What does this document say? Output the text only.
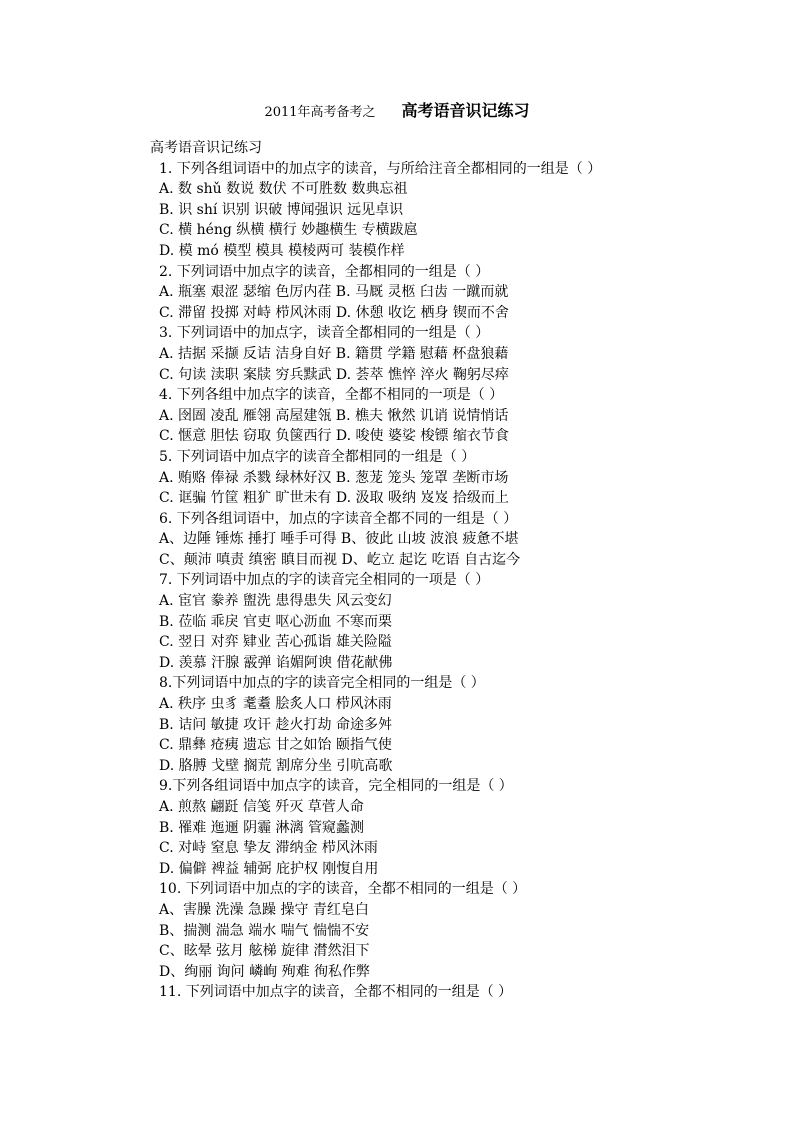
2011年高考备考之 高考语音识记练习
高考语音识记练习
1. 下列各组词语中的加点字的读音，与所给注音全都相同的一组是（ ）
A. 数 shǔ 数说 数伏 不可胜数 数典忘祖
B. 识 shí 识别 识破 博闻强识 远见卓识
C. 横 héng 纵横 横行 妙趣横生 专横跋扈
D. 模 mó 模型 模具 模棱两可 装模作样
2. 下列词语中加点字的读音，全都相同的一组是（ ）
A. 瓶塞 艰涩 瑟缩 色厉内荏 B. 马厩 灵柩 臼齿 一蹴而就
C. 滞留 投掷 对峙 栉风沐雨 D. 休憩 收讫 栖身 锲而不舍
3. 下列词语中的加点字，读音全都相同的一组是（ ）
A. 拮据 采撷 反诘 洁身自好 B. 籍贯 学籍 慰藉 杯盘狼藉
C. 句读 渎职 案牍 穷兵黩武 D. 荟萃 憔悴 淬火 鞠躬尽瘁
4. 下列各组中加点字的读音，全都不相同的一项是（ ）
A. 囹圄 凌乱 雁翎 高屋建瓴 B. 樵夫 愀然 讥诮 说情悄话
C. 惬意 胆怯 窃取 负箧西行 D. 唆使 婆娑 梭镖 缩衣节食
5. 下列词语中加点字的读音全都相同的一组是（ ）
A. 贿赂 俸禄 杀戮 绿林好汉 B. 葱茏 笼头 笼罩 垄断市场
C. 诓骗 竹筐 粗犷 旷世未有 D. 汲取 吸纳 岌岌 拾级而上
6. 下列各组词语中，加点的字读音全都不同的一组是（ ）
A、边陲 锤炼 捶打 唾手可得 B、彼此 山坡 波浪 疲惫不堪
C、颠沛 嗔责 缜密 瞋目而视 D、屹立 起讫 吃语 自古迄今
7. 下列词语中加点的字的读音完全相同的一项是（ ）
A. 宦官 豢养 盥洗 患得患失 风云变幻
B. 莅临 乖戾 官吏 呕心沥血 不寒而栗
C. 翌日 对弈 肄业 苦心孤诣 雄关险隘
D. 羡慕 汗腺 霰弹 谄媚阿谀 借花献佛
8.下列词语中加点的字的读音完全相同的一组是（ ）
A. 秩序 虫豸 耄耋 脍炙人口 栉风沐雨
B. 诘问 敏捷 攻讦 趁火打劫 命途多舛
C. 鼎彝 疮痍 遗忘 甘之如饴 颐指气使
D. 胳膊 戈壁 搁荒 割席分坐 引吭高歌
9.下列各组词语中加点字的读音，完全相同的一组是（ ）
A. 煎熬 翩跹 信笺 歼灭 草菅人命
B. 罹难 迤逦 阴霾 淋漓 管窥蠡测
C. 对峙 窒息 挚友 滞纳金 栉风沐雨
D. 偏僻 裨益 辅弼 庇护权 刚愎自用
10. 下列词语中加点的字的读音，全都不相同的一组是（ ）
A、害臊 洗澡 急躁 操守 青红皂白
B、揣测 湍急 端水 喘气 惴惴不安
C、眩晕 弦月 舷梯 旋律 潸然泪下
D、绚丽 询问 嶙峋 殉难 徇私作弊
11. 下列词语中加点字的读音，全都不相同的一组是（ ）
